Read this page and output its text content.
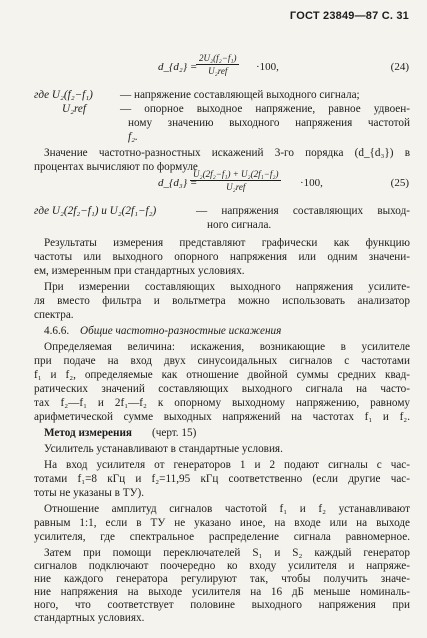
ГОСТ 23849—87 С. 31
d_{d₂} =
2U₂(f₂−f₁)
U₂ref	·100,	(24)
где U₂(f₂−f₁) — напряжение составляющей выходного сигнала;
U₂ref	— опорное выходное напряжение, равное удвоен-
ному значению выходного напряжения частотой
f₂.
Значение частотно-разностных искажений 3-го порядка (d_{d₃}) в
процентах вычисляют по формуле
d_{d₃} =
U₂(2f₂−f₁) + U₂(2f₁−f₂)
U₂ref	·100,	(25)
где U₂(2f₂−f₁) и U₂(2f₁−f₂)	— напряжения составляющих выход-
ного сигнала.
Результаты измерения представляют графически как функцию
частоты или выходного опорного напряжения или одним значени-
ем, измеренным при стандартных условиях.
При измерении составляющих выходного напряжения усилите-
ля вместо фильтра и вольтметра можно использовать анализатор
спектра.
4.6.6. Общие частотно-разностные искажения
Определяемая величина: искажения, возникающие в усилителе
при подаче на вход двух синусоидальных сигналов с частотами
f₁ и f₂, определяемые как отношение двойной суммы средних квад-
ратических значений составляющих выходного сигнала на часто-
тах f₂—f₁ и 2f₁—f₂ к опорному выходному напряжению, равному
арифметической сумме выходных напряжений на частотах f₁ и f₂.
Метод измерения (черт. 15)
Усилитель устанавливают в стандартные условия.
На вход усилителя от генераторов 1 и 2 подают сигналы с час-
тотами f₁=8 кГц и f₂=11,95 кГц соответственно (если другие час-
тоты не указаны в ТУ).
Отношение амплитуд сигналов частотой f₁ и f₂ устанавливают
равным 1:1, если в ТУ не указано иное, на входе или на выходе
усилителя, где спектральное распределение сигнала равномерное.
Затем при помощи переключателей S₁ и S₂ каждый генератор
сигналов подключают поочередно ко входу усилителя и напряже-
ние каждого генератора регулируют так, чтобы получить значе-
ние напряжения на выходе усилителя на 16 дБ меньше номиналь-
ного, что соответствует половине выходного напряжения при
стандартных условиях.
